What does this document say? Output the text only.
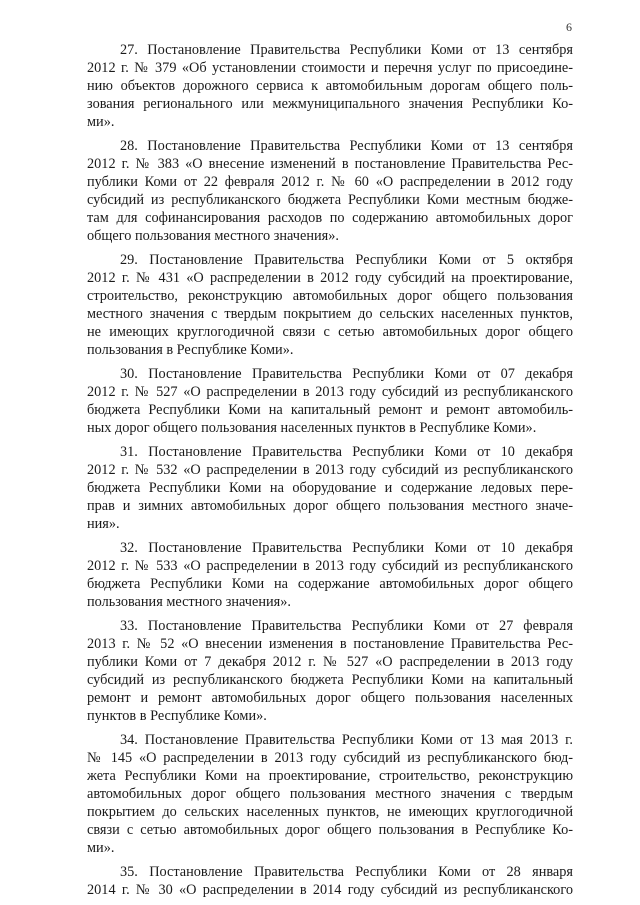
6
27. Постановление Правительства Республики Коми от 13 сентября
2012 г. № 379 «Об установлении стоимости и перечня услуг по присоедине-
нию объектов дорожного сервиса к автомобильным дорогам общего поль-
зования регионального или межмуниципального значения Республики Ко-
ми».
28. Постановление Правительства Республики Коми от 13 сентября
2012 г. № 383 «О внесение изменений в постановление Правительства Рес-
публики Коми от 22 февраля 2012 г. № 60 «О распределении в 2012 году
субсидий из республиканского бюджета Республики Коми местным бюдже-
там для софинансирования расходов по содержанию автомобильных дорог
общего пользования местного значения».
29. Постановление Правительства Республики Коми от 5 октября
2012 г. № 431 «О распределении в 2012 году субсидий на проектирование,
строительство, реконструкцию автомобильных дорог общего пользования
местного значения с твердым покрытием до сельских населенных пунктов,
не имеющих круглогодичной связи с сетью автомобильных дорог общего
пользования в Республике Коми».
30. Постановление Правительства Республики Коми от 07 декабря
2012 г. № 527 «О распределении в 2013 году субсидий из республиканского
бюджета Республики Коми на капитальный ремонт и ремонт автомобиль-
ных дорог общего пользования населенных пунктов в Республике Коми».
31. Постановление Правительства Республики Коми от 10 декабря
2012 г. № 532 «О распределении в 2013 году субсидий из республиканского
бюджета Республики Коми на оборудование и содержание ледовых пере-
прав и зимних автомобильных дорог общего пользования местного значе-
ния».
32. Постановление Правительства Республики Коми от 10 декабря
2012 г. № 533 «О распределении в 2013 году субсидий из республиканского
бюджета Республики Коми на содержание автомобильных дорог общего
пользования местного значения».
33. Постановление Правительства Республики Коми от 27 февраля
2013 г. № 52 «О внесении изменения в постановление Правительства Рес-
публики Коми от 7 декабря 2012 г. № 527 «О распределении в 2013 году
субсидий из республиканского бюджета Республики Коми на капитальный
ремонт и ремонт автомобильных дорог общего пользования населенных
пунктов в Республике Коми».
34. Постановление Правительства Республики Коми от 13 мая 2013 г.
№ 145 «О распределении в 2013 году субсидий из республиканского бюд-
жета Республики Коми на проектирование, строительство, реконструкцию
автомобильных дорог общего пользования местного значения с твердым
покрытием до сельских населенных пунктов, не имеющих круглогодичной
связи с сетью автомобильных дорог общего пользования в Республике Ко-
ми».
35. Постановление Правительства Республики Коми от 28 января
2014 г. № 30 «О распределении в 2014 году субсидий из республиканского
